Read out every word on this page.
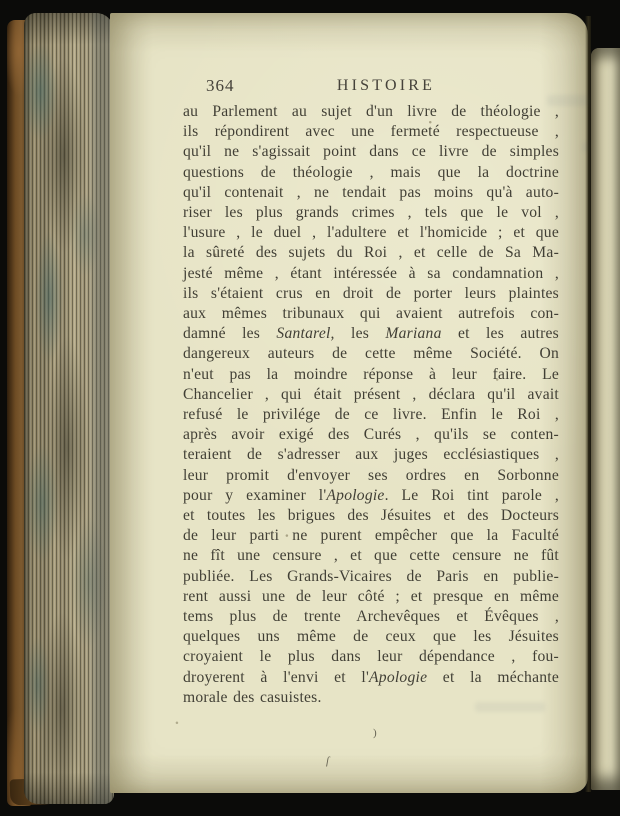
364	HISTOIRE
au Parlement au sujet d'un livre de théologie ,
ils répondirent avec une fermeté respectueuse ,
qu'il ne s'agissait point dans ce livre de simples
questions de théologie , mais que la doctrine
qu'il contenait , ne tendait pas moins qu'à auto-
riser les plus grands crimes , tels que le vol ,
l'usure , le duel , l'adultere et l'homicide ; et que
la sûreté des sujets du Roi , et celle de Sa Ma-
jesté même , étant intéressée à sa condamnation ,
ils s'étaient crus en droit de porter leurs plaintes
aux mêmes tribunaux qui avaient autrefois con-
damné les Santarel, les Mariana et les autres
dangereux auteurs de cette même Société. On
n'eut pas la moindre réponse à leur faire. Le
Chancelier , qui était présent , déclara qu'il avait
refusé le privilége de ce livre. Enfin le Roi ,
après avoir exigé des Curés , qu'ils se conten-
teraient de s'adresser aux juges ecclésiastiques ,
leur promit d'envoyer ses ordres en Sorbonne
pour y examiner l'Apologie. Le Roi tint parole ,
et toutes les brigues des Jésuites et des Docteurs
de leur parti ne purent empêcher que la Faculté
ne fît une censure , et que cette censure ne fût
publiée. Les Grands-Vicaires de Paris en publie-
rent aussi une de leur côté ; et presque en même
tems plus de trente Archevêques et Évêques ,
quelques uns même de ceux que les Jésuites
croyaient le plus dans leur dépendance , fou-
droyerent à l'envi et l'Apologie et la méchante
morale des casuistes.
)
ſ
